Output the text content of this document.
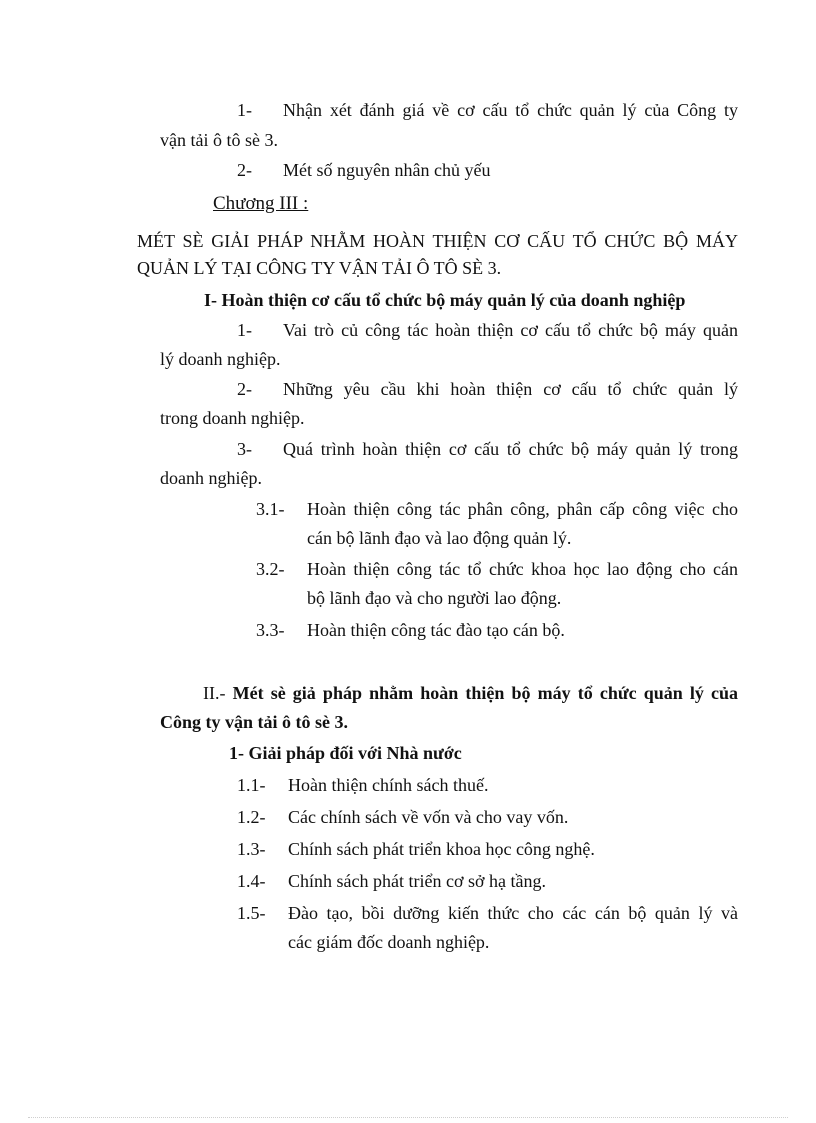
1- Nhận xét đánh giá về cơ cấu tổ chức quản lý của Công ty

vận tải ô tô sè 3.

2- Mét số nguyên nhân chủ yếu

Chương III :

MÉT SÈ GIẢI PHÁP NHẰM HOÀN THIỆN CƠ CẤU TỔ CHỨC BỘ MÁY

QUẢN LÝ TẠI CÔNG TY VẬN TẢI Ô TÔ SÈ 3.

I- Hoàn thiện cơ cấu tổ chức bộ máy quản lý của doanh nghiệp

1- Vai trò củ công tác hoàn thiện cơ cấu tổ chức bộ máy quản

lý doanh nghiệp.

2- Những yêu cầu khi hoàn thiện cơ cấu tổ chức quản lý

trong doanh nghiệp.

3- Quá trình hoàn thiện cơ cấu tổ chức bộ máy quản lý trong

doanh nghiệp.

3.1- Hoàn thiện công tác phân công, phân cấp công việc cho

cán bộ lãnh đạo và lao động quản lý.

3.2- Hoàn thiện công tác tổ chức khoa học lao động cho cán

bộ lãnh đạo và cho người lao động.

3.3- Hoàn thiện công tác đào tạo cán bộ.

II.- Mét sè giả pháp nhằm hoàn thiện bộ máy tổ chức quản lý của

Công ty vận tải ô tô sè 3.

1- Giải pháp đối với Nhà nước

1.1- Hoàn thiện chính sách thuế.

1.2- Các chính sách về vốn và cho vay vốn.

1.3- Chính sách phát triển khoa học công nghệ.

1.4- Chính sách phát triển cơ sở hạ tầng.

1.5- Đào tạo, bồi dưỡng kiến thức cho các cán bộ quản lý và

các giám đốc doanh nghiệp.
